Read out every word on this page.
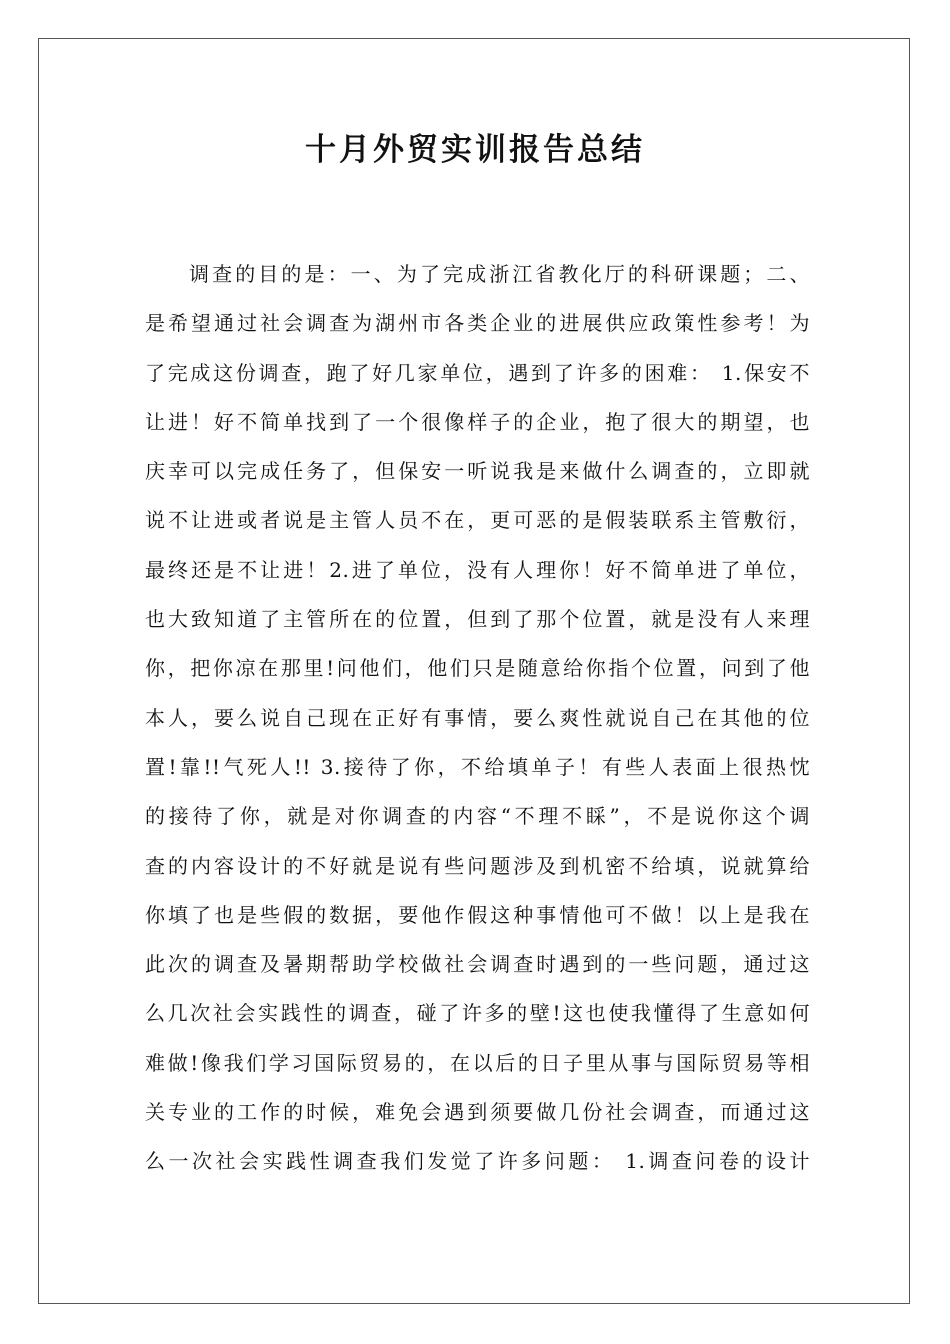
十月外贸实训报告总结
调查的目的是：一、为了完成浙江省教化厅的科研课题；二、
是希望通过社会调查为湖州市各类企业的进展供应政策性参考！为
了完成这份调查，跑了好几家单位，遇到了许多的困难： 1.保安不
让进！好不简单找到了一个很像样子的企业，抱了很大的期望，也
庆幸可以完成任务了，但保安一听说我是来做什么调查的，立即就
说不让进或者说是主管人员不在，更可恶的是假装联系主管敷衍，
最终还是不让进！2.进了单位，没有人理你！好不简单进了单位，
也大致知道了主管所在的位置，但到了那个位置，就是没有人来理
你，把你凉在那里!问他们，他们只是随意给你指个位置，问到了他
本人，要么说自己现在正好有事情，要么爽性就说自己在其他的位
置!靠!!气死人!! 3.接待了你，不给填单子！有些人表面上很热忱
的接待了你，就是对你调查的内容“不理不睬”，不是说你这个调
查的内容设计的不好就是说有些问题涉及到机密不给填，说就算给
你填了也是些假的数据，要他作假这种事情他可不做！以上是我在
此次的调查及暑期帮助学校做社会调查时遇到的一些问题，通过这
么几次社会实践性的调查，碰了许多的壁!这也使我懂得了生意如何
难做!像我们学习国际贸易的，在以后的日子里从事与国际贸易等相
关专业的工作的时候，难免会遇到须要做几份社会调查，而通过这
么一次社会实践性调查我们发觉了许多问题： 1.调查问卷的设计
